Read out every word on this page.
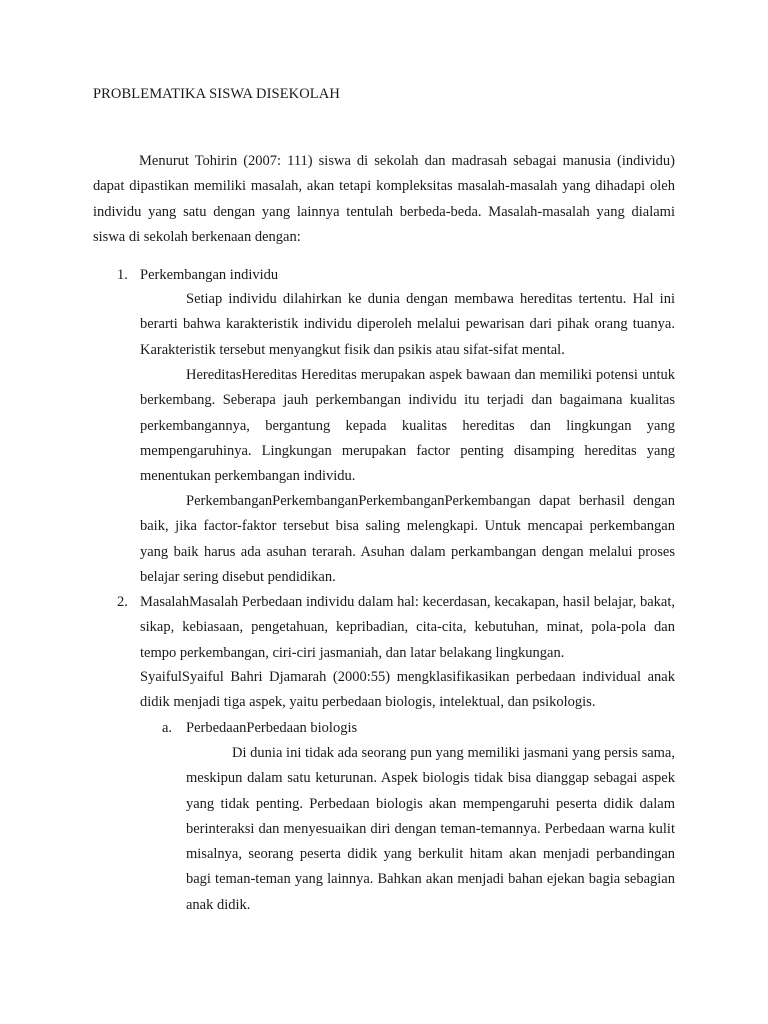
PROBLEMATIKA SISWA DISEKOLAH
Menurut Tohirin (2007: 111) siswa di sekolah dan madrasah sebagai manusia (individu) dapat dipastikan memiliki masalah, akan tetapi kompleksitas masalah-masalah yang dihadapi oleh individu yang satu dengan yang lainnya tentulah berbeda-beda. Masalah-masalah yang dialami siswa di sekolah berkenaan dengan:
1. Perkembangan individu
Setiap individu dilahirkan ke dunia dengan membawa hereditas tertentu. Hal ini berarti bahwa karakteristik individu diperoleh melalui pewarisan dari pihak orang tuanya. Karakteristik tersebut menyangkut fisik dan psikis atau sifat-sifat mental.
HereditasHereditas Hereditas merupakan aspek bawaan dan memiliki potensi untuk berkembang. Seberapa jauh perkembangan individu itu terjadi dan bagaimana kualitas perkembangannya, bergantung kepada kualitas hereditas dan lingkungan yang mempengaruhinya. Lingkungan merupakan factor penting disamping hereditas yang menentukan perkembangan individu.
PerkembanganPerkembanganPerkembanganPerkembangan dapat berhasil dengan baik, jika factor-faktor tersebut bisa saling melengkapi. Untuk mencapai perkembangan yang baik harus ada asuhan terarah. Asuhan dalam perkambangan dengan melalui proses belajar sering disebut pendidikan.
2. MasalahMasalah Perbedaan individu dalam hal: kecerdasan, kecakapan, hasil belajar, bakat, sikap, kebiasaan, pengetahuan, kepribadian, cita-cita, kebutuhan, minat, pola-pola dan tempo perkembangan, ciri-ciri jasmaniah, dan latar belakang lingkungan.
SyaifulSyaiful Bahri Djamarah (2000:55) mengklasifikasikan perbedaan individual anak didik menjadi tiga aspek, yaitu perbedaan biologis, intelektual, dan psikologis.
a. PerbedaanPerbedaan biologis
Di dunia ini tidak ada seorang pun yang memiliki jasmani yang persis sama, meskipun dalam satu keturunan. Aspek biologis tidak bisa dianggap sebagai aspek yang tidak penting. Perbedaan biologis akan mempengaruhi peserta didik dalam berinteraksi dan menyesuaikan diri dengan teman-temannya. Perbedaan warna kulit misalnya, seorang peserta didik yang berkulit hitam akan menjadi perbandingan bagi teman-teman yang lainnya. Bahkan akan menjadi bahan ejekan bagia sebagian anak didik.
